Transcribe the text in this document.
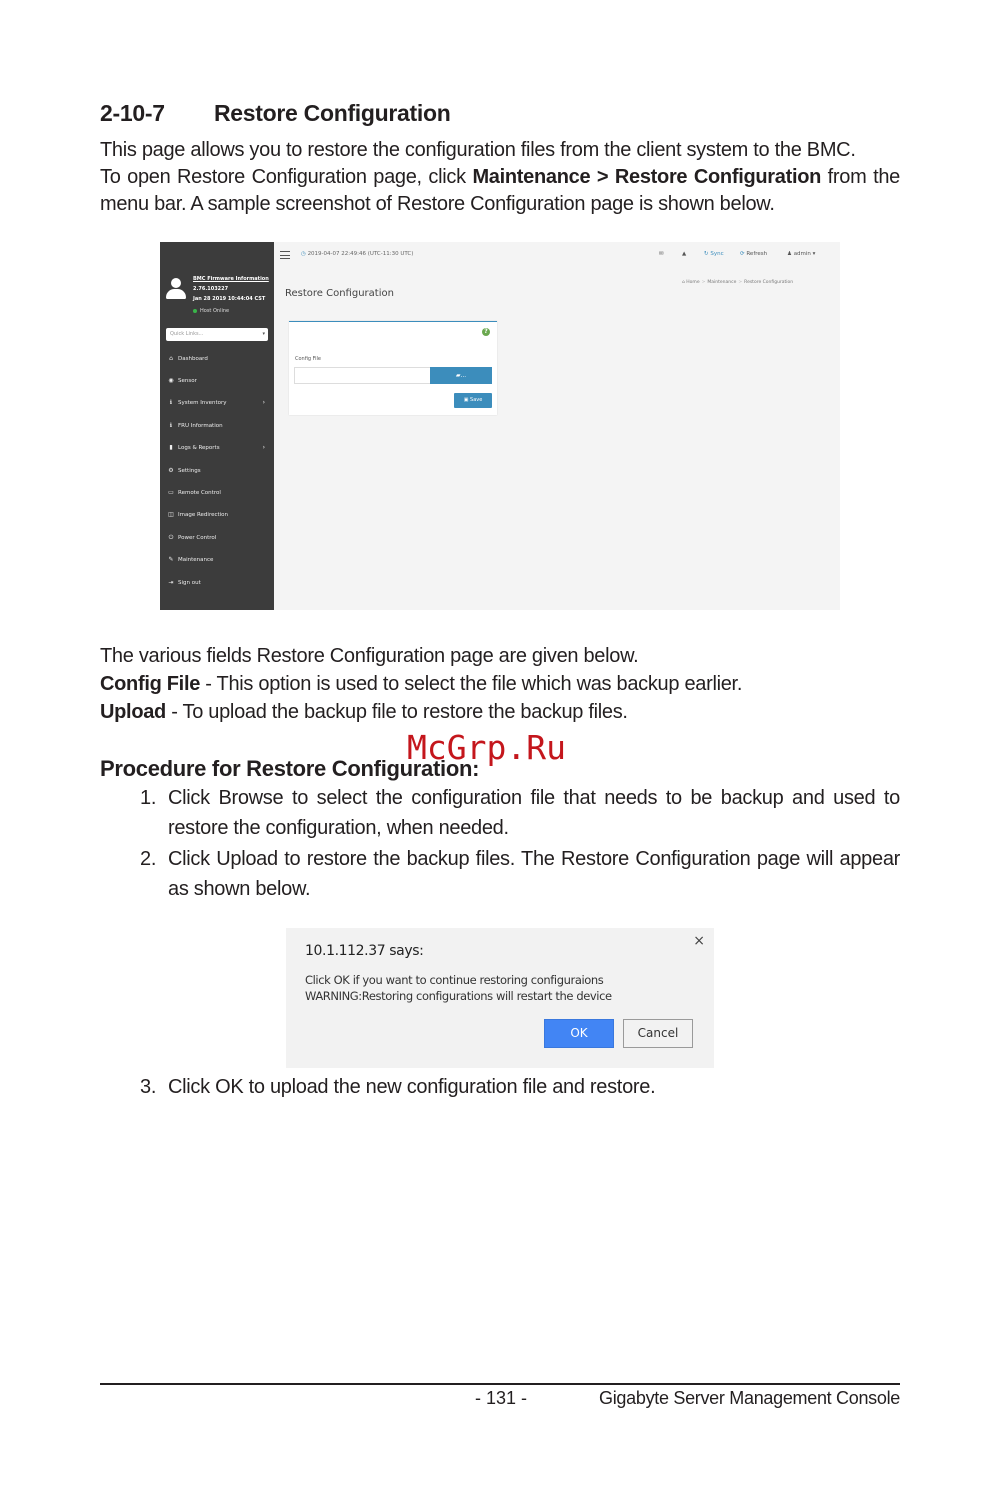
2-10-7 Restore Configuration
This page allows you to restore the configuration files from the client system to the BMC.
To open Restore Configuration page, click Maintenance > Restore Configuration from the menu bar. A sample screenshot of Restore Configuration page is shown below.
BMC Firmware Information
2.76.103227
Jan 28 2019 10:44:04 CST
Host Online
Quick Links...	▾
⌂ Dashboard
◉ Sensor
ℹ System Inventory	›
ℹ FRU Information
▮ Logs & Reports	›
⚙ Settings
▭ Remote Control
◫ Image Redirection
⏻ Power Control
✎ Maintenance
⇥ Sign out
◷ 2019-04-07 22:49:46 (UTC-11:30 UTC)	✉	▲	↻ Sync	⟳ Refresh	♟ admin ▾
Restore Configuration
⌂ Home > Maintenance > Restore Configuration
?
Config File
▰...
▣ Save
The various fields Restore Configuration page are given below.
Config File - This option is used to select the file which was backup earlier.
Upload - To upload the backup file to restore the backup files.
Procedure for Restore Configuration:
McGrp.Ru
1. Click Browse to select the configuration file that needs to be backup and used to restore the configuration, when needed.
2. Click Upload to restore the backup files. The Restore Configuration page will appear as shown below.
10.1.112.37 says:
×
Click OK if you want to continue restoring configuraions
WARNING:Restoring configurations will restart the device
OK	Cancel
3. Click OK to upload the new configuration file and restore.
- 131 -	Gigabyte Server Management Console
